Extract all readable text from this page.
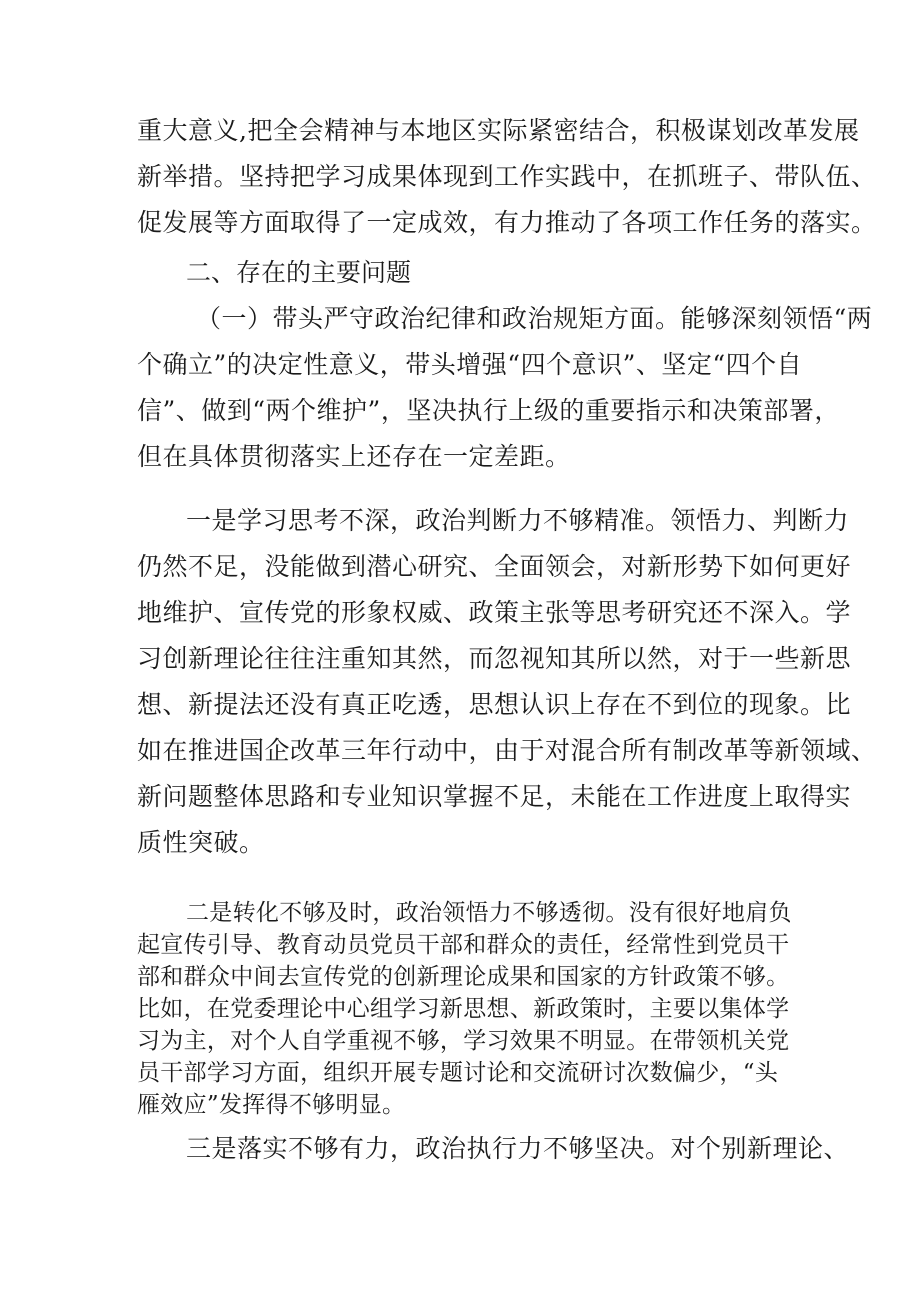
重大意义,把全会精神与本地区实际紧密结合，积极谋划改革发展
新举措。坚持把学习成果体现到工作实践中，在抓班子、带队伍、
促发展等方面取得了一定成效，有力推动了各项工作任务的落实。
二、存在的主要问题
（一）带头严守政治纪律和政治规矩方面。能够深刻领悟“两
个确立”的决定性意义，带头增强“四个意识”、坚定“四个自
信”、做到“两个维护”，坚决执行上级的重要指示和决策部署，
但在具体贯彻落实上还存在一定差距。
一是学习思考不深，政治判断力不够精准。领悟力、判断力
仍然不足，没能做到潜心研究、全面领会，对新形势下如何更好
地维护、宣传党的形象权威、政策主张等思考研究还不深入。学
习创新理论往往注重知其然，而忽视知其所以然，对于一些新思
想、新提法还没有真正吃透，思想认识上存在不到位的现象。比
如在推进国企改革三年行动中，由于对混合所有制改革等新领域、
新问题整体思路和专业知识掌握不足，未能在工作进度上取得实
质性突破。
二是转化不够及时，政治领悟力不够透彻。没有很好地肩负
起宣传引导、教育动员党员干部和群众的责任，经常性到党员干
部和群众中间去宣传党的创新理论成果和国家的方针政策不够。
比如，在党委理论中心组学习新思想、新政策时，主要以集体学
习为主，对个人自学重视不够，学习效果不明显。在带领机关党
员干部学习方面，组织开展专题讨论和交流研讨次数偏少，“头
雁效应”发挥得不够明显。
三是落实不够有力，政治执行力不够坚决。对个别新理论、
